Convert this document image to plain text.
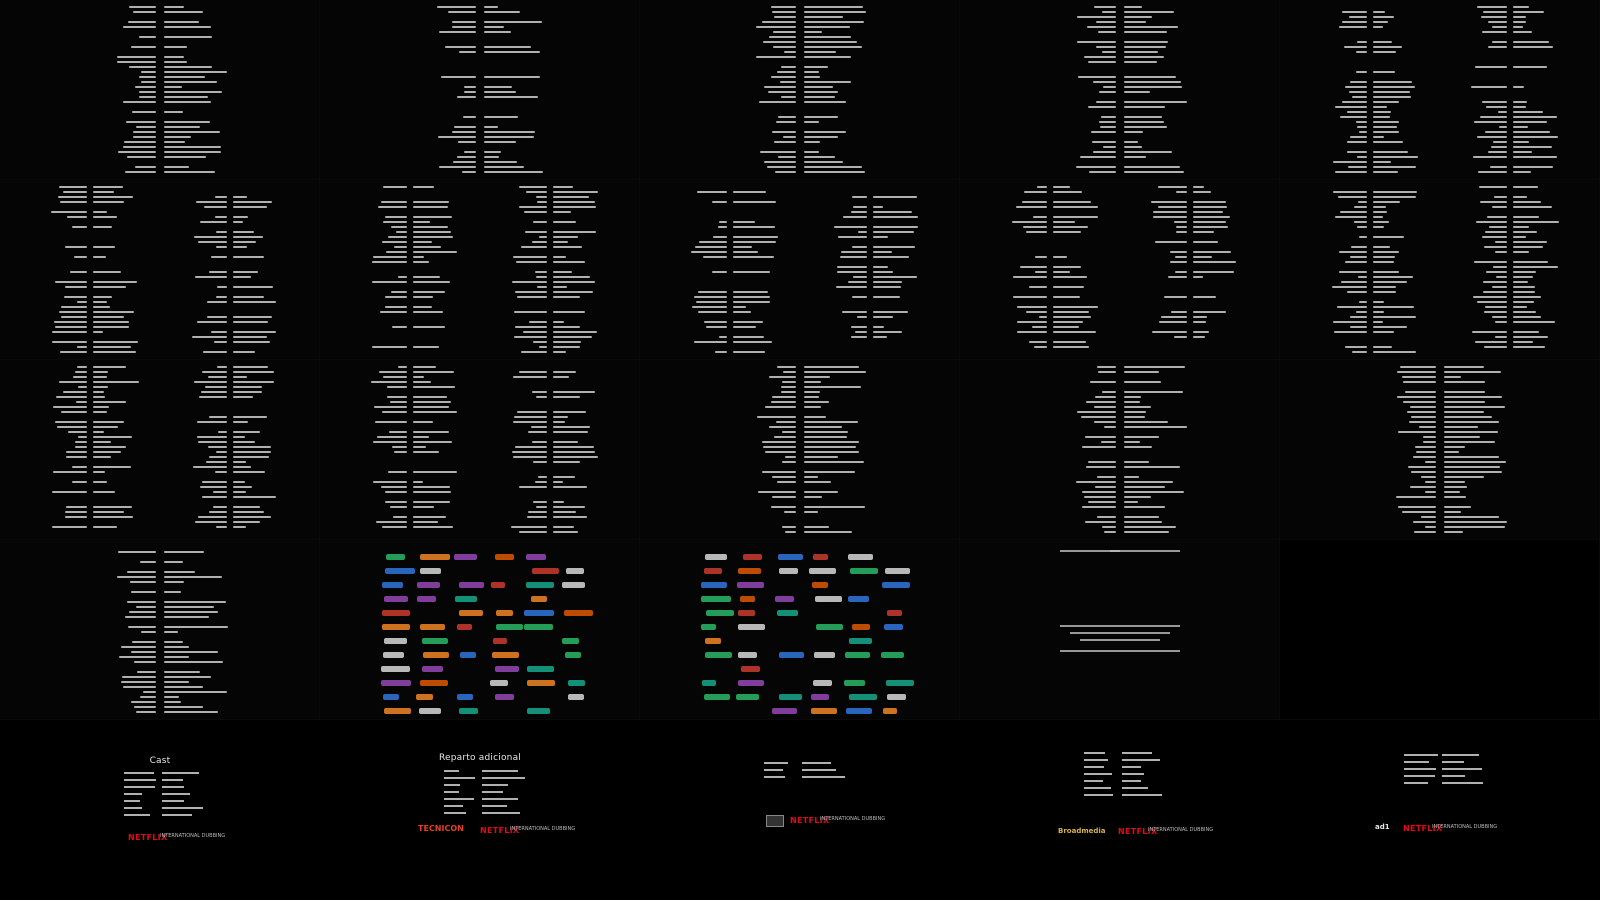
Cast
NETFLIX
INTERNATIONAL DUBBING
Reparto adicional
TECNICON NETFLIX
INTERNATIONAL DUBBING
NETFLIX
INTERNATIONAL DUBBING
Broadmedia NETFLIX
INTERNATIONAL DUBBING	ad1 NETFLIX
INTERNATIONAL DUBBING
